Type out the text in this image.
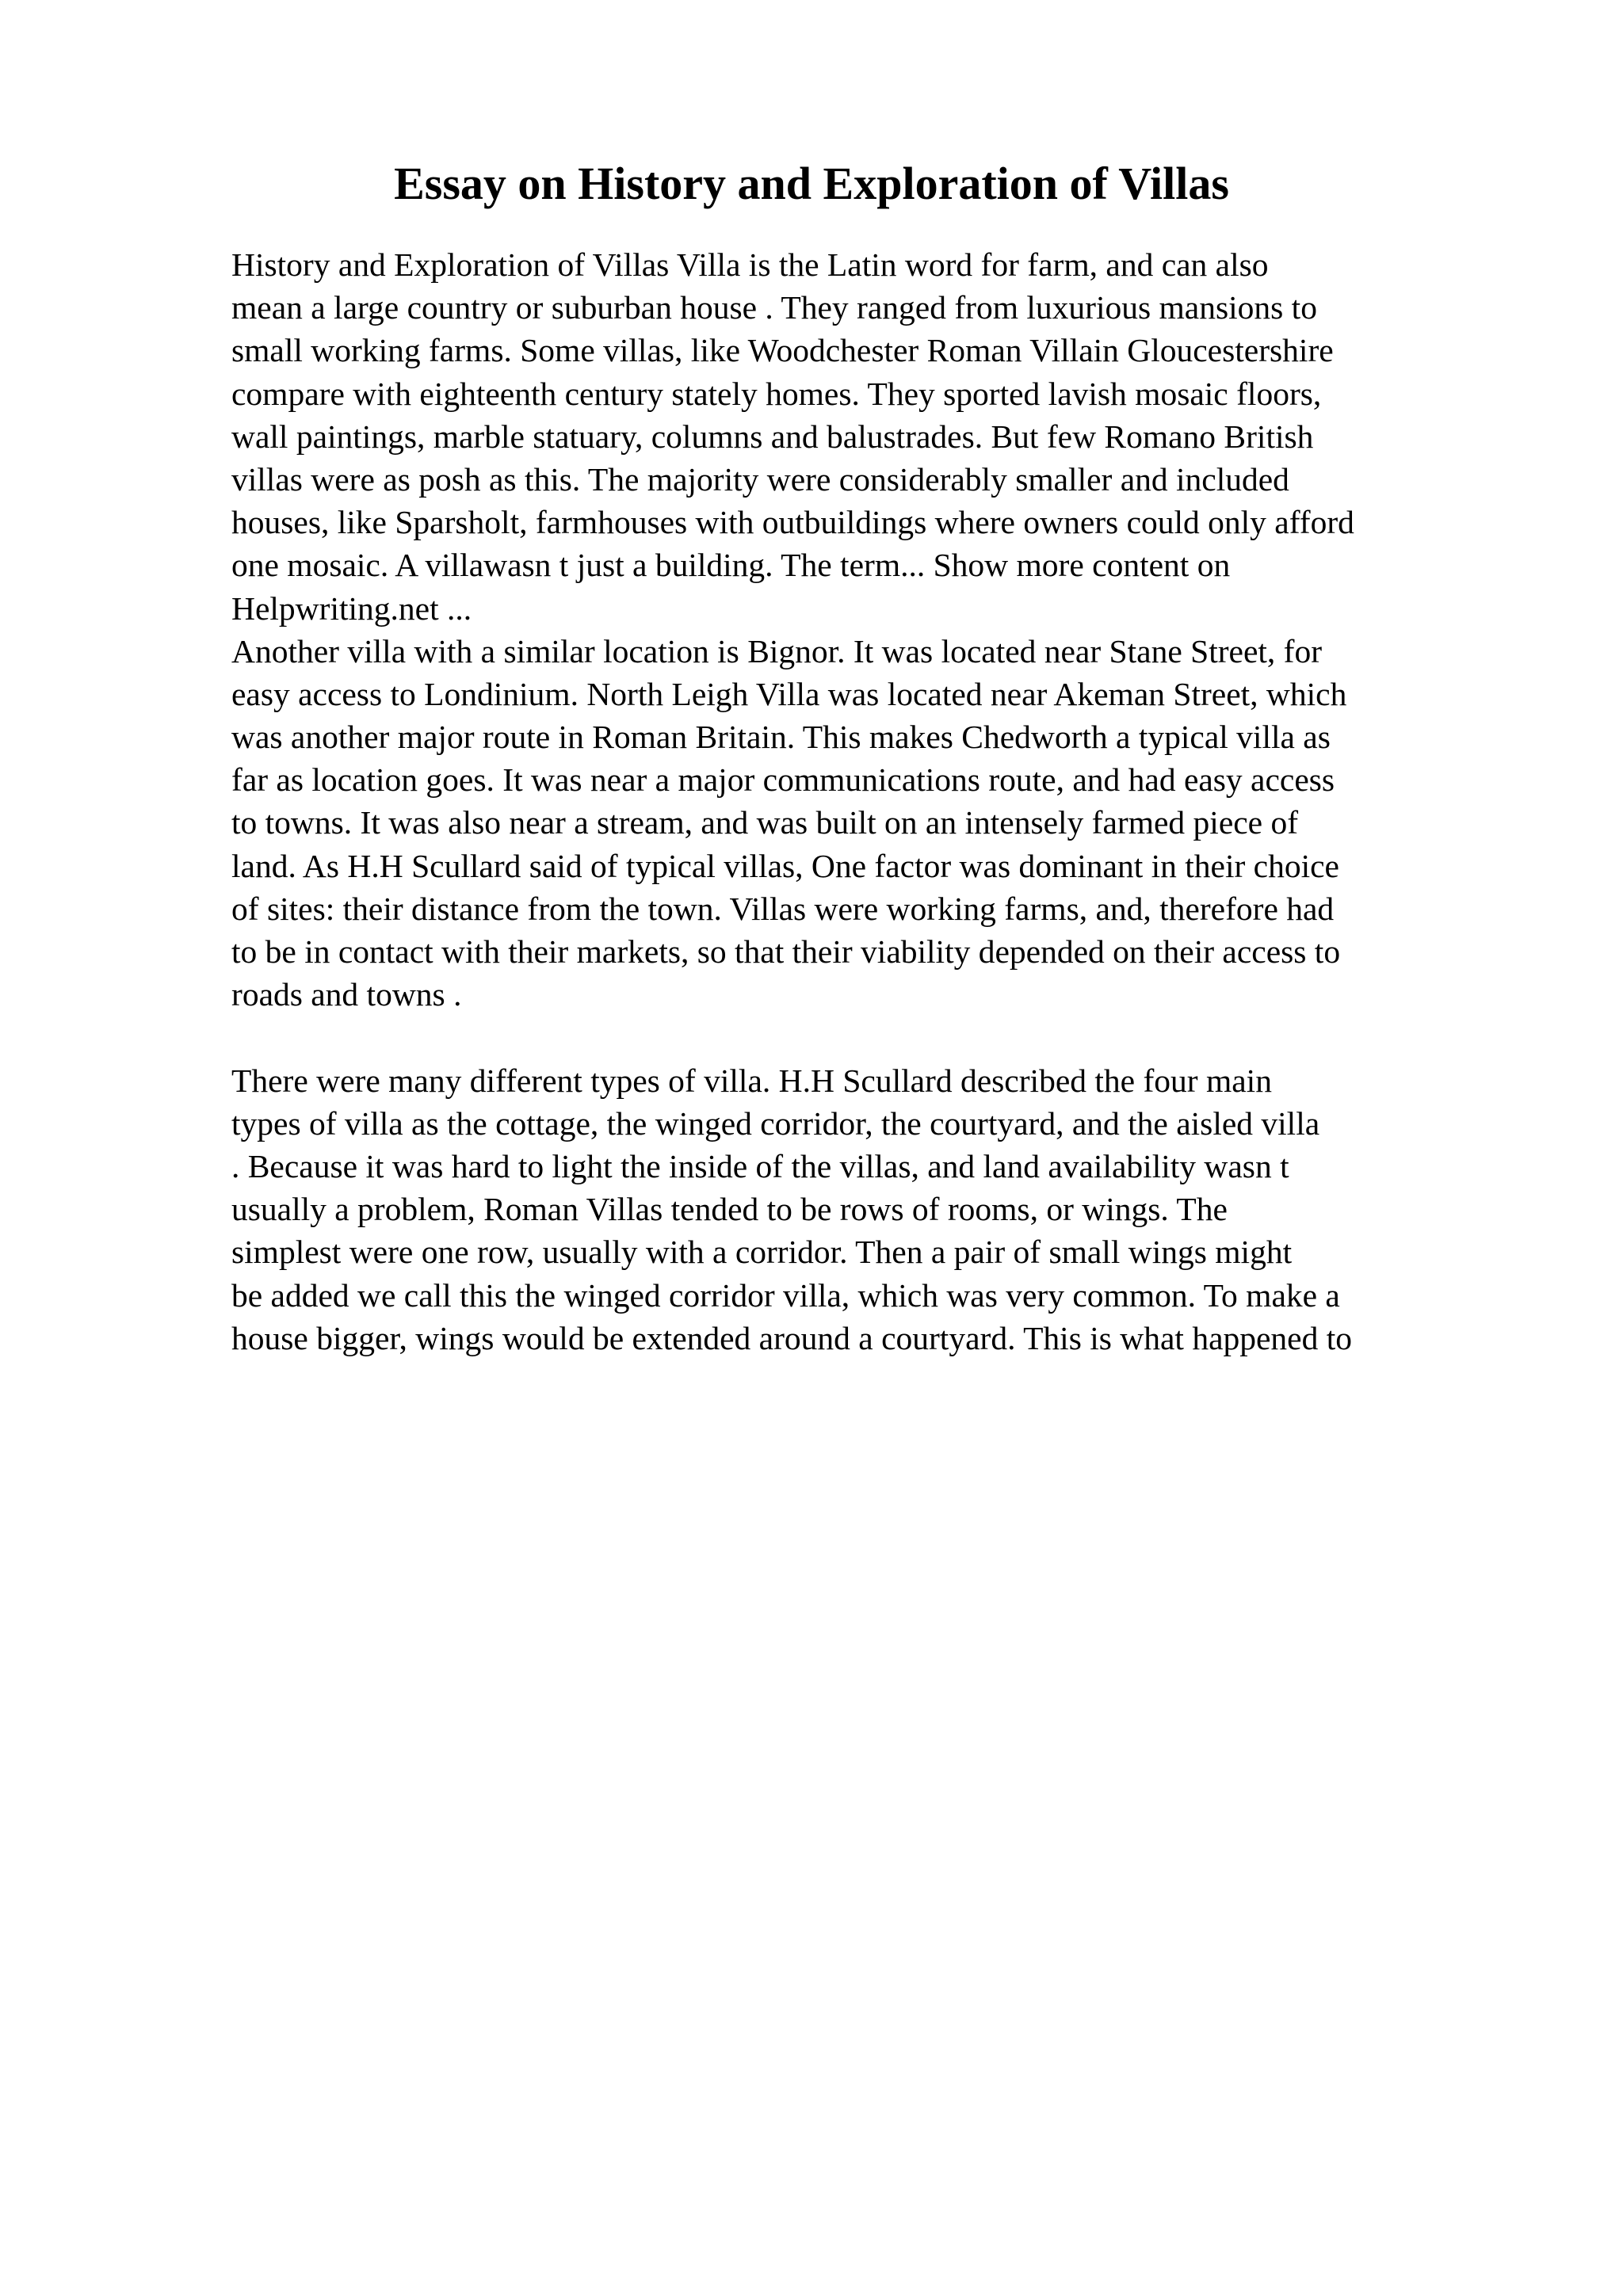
Essay on History and Exploration of Villas
History and Exploration of Villas Villa is the Latin word for farm, and can also
mean a large country or suburban house . They ranged from luxurious mansions to
small working farms. Some villas, like Woodchester Roman Villain Gloucestershire
compare with eighteenth century stately homes. They sported lavish mosaic floors,
wall paintings, marble statuary, columns and balustrades. But few Romano British
villas were as posh as this. The majority were considerably smaller and included
houses, like Sparsholt, farmhouses with outbuildings where owners could only afford
one mosaic. A villawasn t just a building. The term... Show more content on
Helpwriting.net ...
Another villa with a similar location is Bignor. It was located near Stane Street, for
easy access to Londinium. North Leigh Villa was located near Akeman Street, which
was another major route in Roman Britain. This makes Chedworth a typical villa as
far as location goes. It was near a major communications route, and had easy access
to towns. It was also near a stream, and was built on an intensely farmed piece of
land. As H.H Scullard said of typical villas, One factor was dominant in their choice
of sites: their distance from the town. Villas were working farms, and, therefore had
to be in contact with their markets, so that their viability depended on their access to
roads and towns .
There were many different types of villa. H.H Scullard described the four main
types of villa as the cottage, the winged corridor, the courtyard, and the aisled villa
. Because it was hard to light the inside of the villas, and land availability wasn t
usually a problem, Roman Villas tended to be rows of rooms, or wings. The
simplest were one row, usually with a corridor. Then a pair of small wings might
be added we call this the winged corridor villa, which was very common. To make a
house bigger, wings would be extended around a courtyard. This is what happened to
